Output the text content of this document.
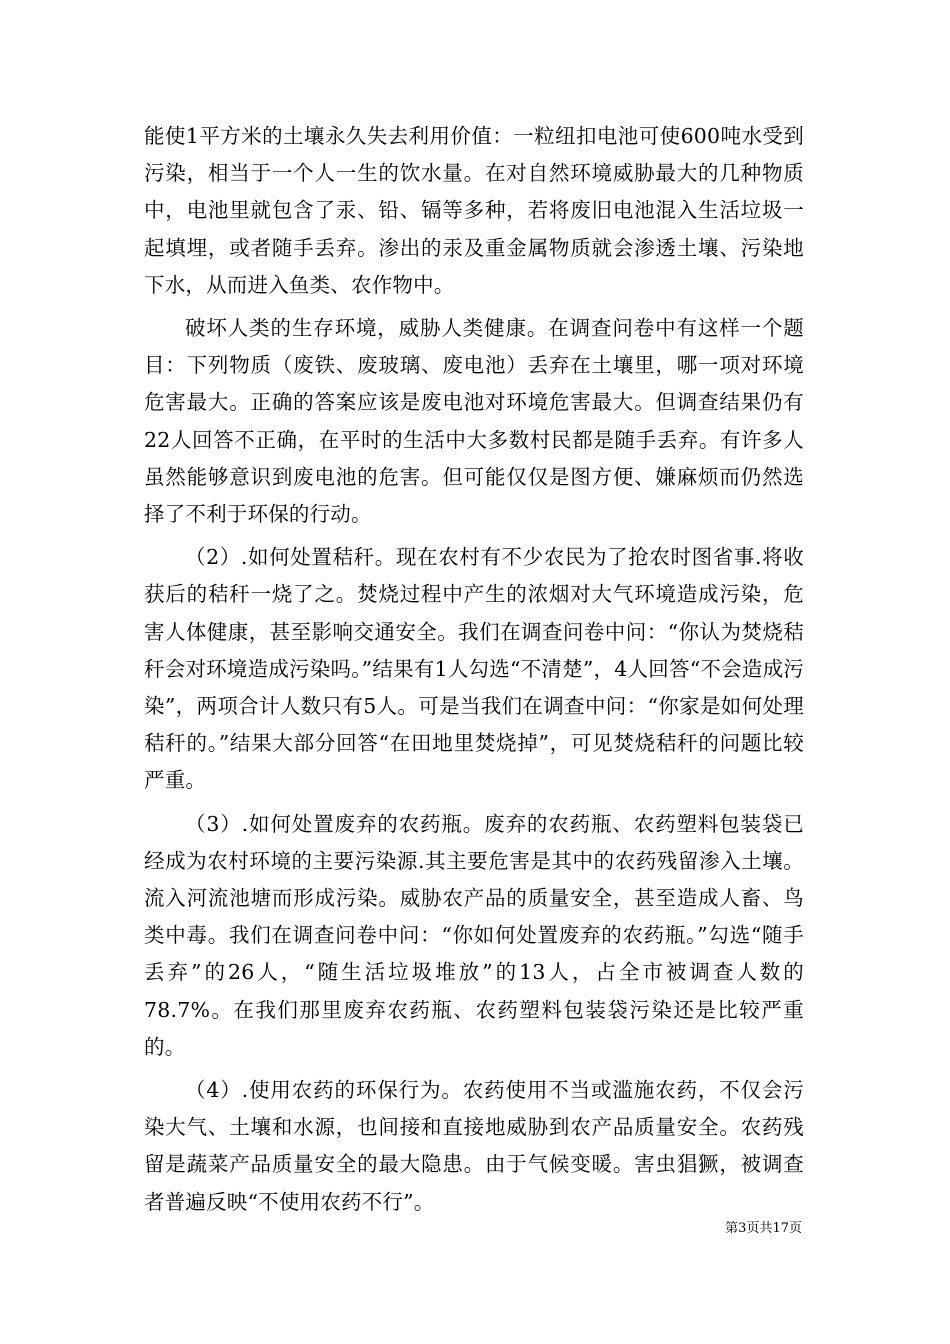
能使1平方米的土壤永久失去利用价值：一粒纽扣电池可使600吨水受到污染，相当于一个人一生的饮水量。在对自然环境威胁最大的几种物质中，电池里就包含了汞、铅、镉等多种，若将废旧电池混入生活垃圾一起填埋，或者随手丢弃。渗出的汞及重金属物质就会渗透土壤、污染地下水，从而进入鱼类、农作物中。

破坏人类的生存环境，威胁人类健康。在调查问卷中有这样一个题目：下列物质（废铁、废玻璃、废电池）丢弃在土壤里，哪一项对环境危害最大。正确的答案应该是废电池对环境危害最大。但调查结果仍有22人回答不正确，在平时的生活中大多数村民都是随手丢弃。有许多人虽然能够意识到废电池的危害。但可能仅仅是图方便、嫌麻烦而仍然选择了不利于环保的行动。

（2）.如何处置秸秆。现在农村有不少农民为了抢农时图省事.将收获后的秸秆一烧了之。焚烧过程中产生的浓烟对大气环境造成污染，危害人体健康，甚至影响交通安全。我们在调查问卷中问：“你认为焚烧秸秆会对环境造成污染吗。”结果有1人勾选“不清楚”，4人回答“不会造成污染”，两项合计人数只有5人。可是当我们在调查中问：“你家是如何处理秸秆的。”结果大部分回答“在田地里焚烧掉”，可见焚烧秸秆的问题比较严重。

（3）.如何处置废弃的农药瓶。废弃的农药瓶、农药塑料包装袋已经成为农村环境的主要污染源.其主要危害是其中的农药残留渗入土壤。流入河流池塘而形成污染。威胁农产品的质量安全，甚至造成人畜、鸟类中毒。我们在调查问卷中问：“你如何处置废弃的农药瓶。”勾选“随手丢弃”的26人，“随生活垃圾堆放”的13人，占全市被调查人数的78.7%。在我们那里废弃农药瓶、农药塑料包装袋污染还是比较严重的。

（4）.使用农药的环保行为。农药使用不当或滥施农药，不仅会污染大气、土壤和水源，也间接和直接地威胁到农产品质量安全。农药残留是蔬菜产品质量安全的最大隐患。由于气候变暖。害虫猖獗，被调查者普遍反映“不使用农药不行”。

第3页共17页
